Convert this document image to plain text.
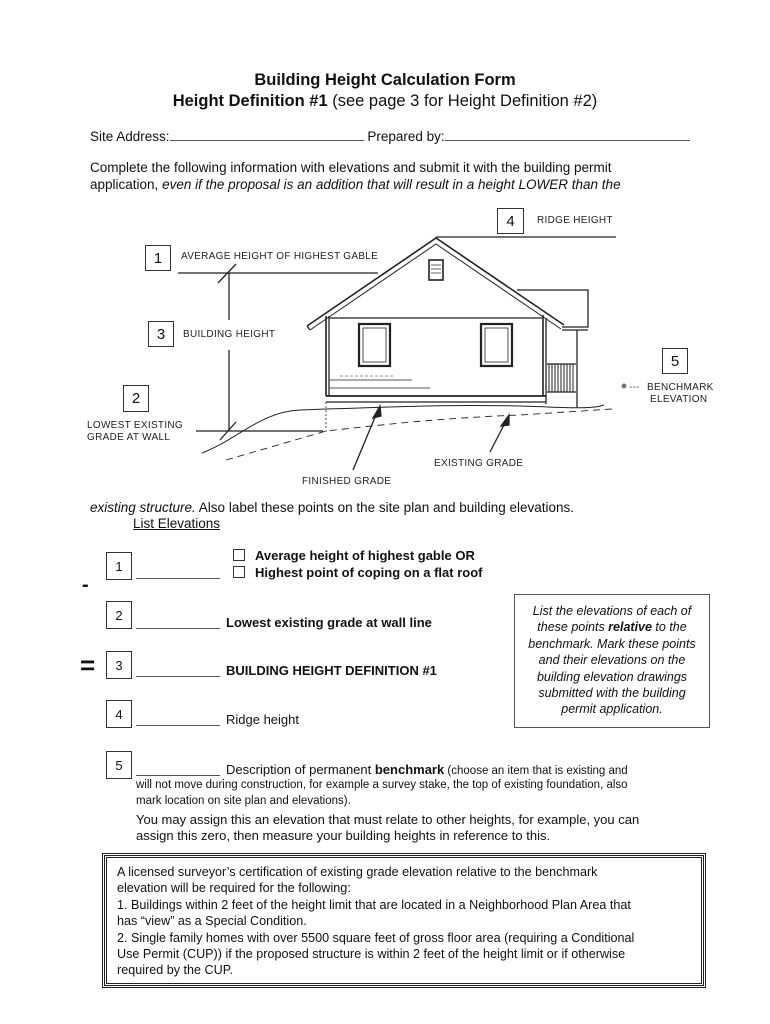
Building Height Calculation Form
Height Definition #1 (see page 3 for Height Definition #2)
Site Address:	Prepared by:
Complete the following information with elevations and submit it with the building permit
application, even if the proposal is an addition that will result in a height LOWER than the
4	RIDGE HEIGHT
1	AVERAGE HEIGHT OF HIGHEST GABLE
3	BUILDING HEIGHT
5
--- BENCHMARK
ELEVATION
2
LOWEST EXISTING
GRADE AT WALL
EXISTING GRADE
FINISHED GRADE
existing structure. Also label these points on the site plan and building elevations.
List Elevations
-
=
1
Average height of highest gable OR
Highest point of coping on a flat roof
2	Lowest existing grade at wall line
3	BUILDING HEIGHT DEFINITION #1
4	Ridge height
List the elevations of each of these points relative to the benchmark. Mark these points and their elevations on the building elevation drawings submitted with the building permit application.
5	Description of permanent benchmark (choose an item that is existing and
will not move during construction, for example a survey stake, the top of existing foundation, also
mark location on site plan and elevations).
You may assign this an elevation that must relate to other heights, for example, you can
assign this zero, then measure your building heights in reference to this.
A licensed surveyor’s certification of existing grade elevation relative to the benchmark
elevation will be required for the following:
1. Buildings within 2 feet of the height limit that are located in a Neighborhood Plan Area that
has “view” as a Special Condition.
2. Single family homes with over 5500 square feet of gross floor area (requiring a Conditional
Use Permit (CUP)) if the proposed structure is within 2 feet of the height limit or if otherwise
required by the CUP.
